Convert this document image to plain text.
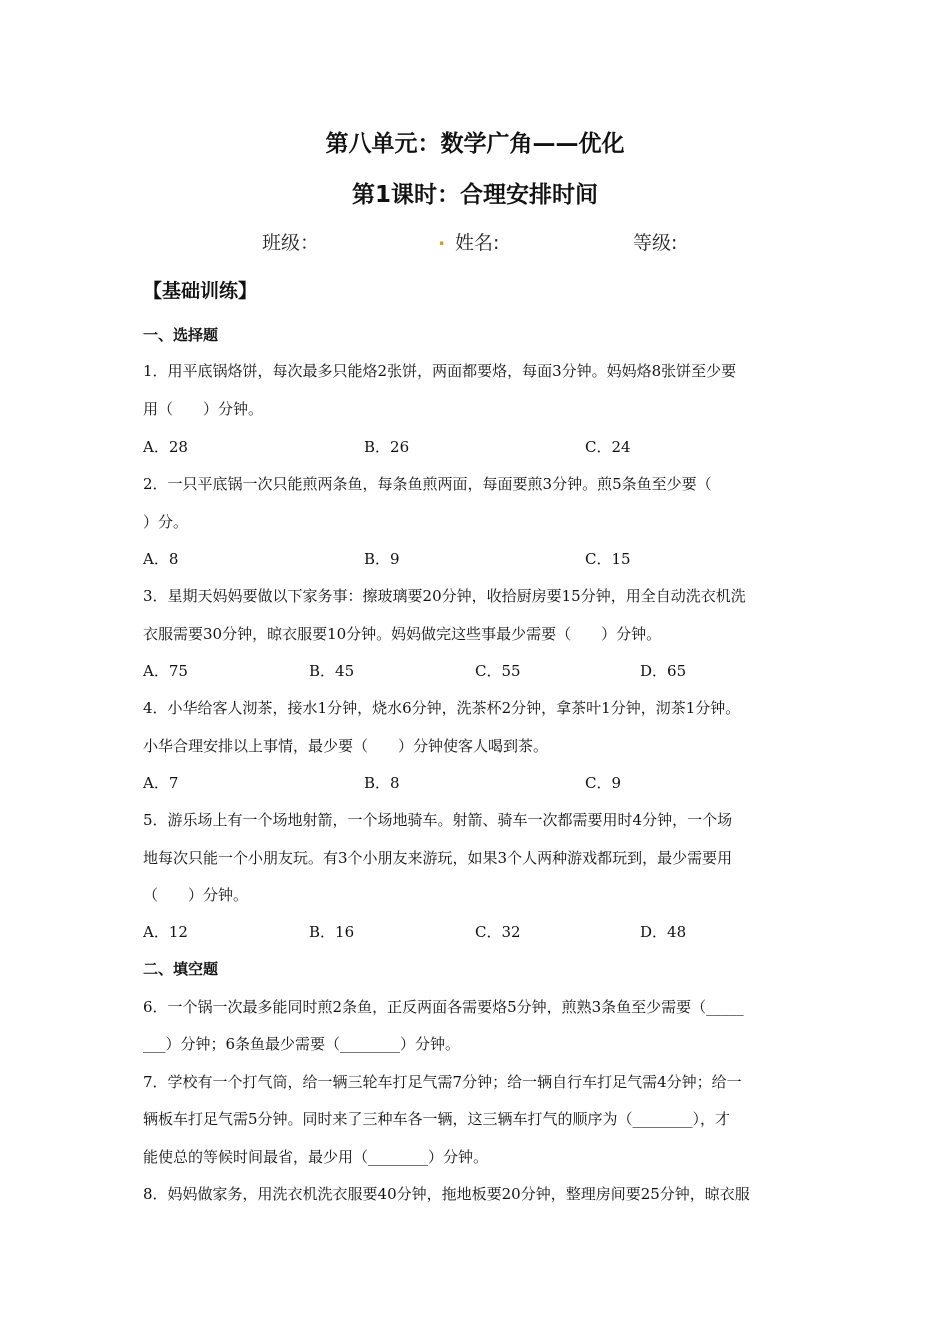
第八单元：数学广角——优化
第1课时：合理安排时间
班级：	. 姓名:	等级:
【基础训练】
一、选择题
1．用平底锅烙饼，每次最多只能烙2张饼，两面都要烙，每面3分钟。妈妈烙8张饼至少要
用（　　）分钟。
A．28	B．26	C．24
2．一只平底锅一次只能煎两条鱼，每条鱼煎两面，每面要煎3分钟。煎5条鱼至少要（
）分。
A．8	B．9	C．15
3．星期天妈妈要做以下家务事：擦玻璃要20分钟，收拾厨房要15分钟，用全自动洗衣机洗
衣服需要30分钟，晾衣服要10分钟。妈妈做完这些事最少需要（　　）分钟。
A．75	B．45	C．55	D．65
4．小华给客人沏茶，接水1分钟，烧水6分钟，洗茶杯2分钟，拿茶叶1分钟，沏茶1分钟。
小华合理安排以上事情，最少要（　　）分钟使客人喝到茶。
A．7	B．8	C．9
5．游乐场上有一个场地射箭，一个场地骑车。射箭、骑车一次都需要用时4分钟，一个场
地每次只能一个小朋友玩。有3个小朋友来游玩，如果3个人两种游戏都玩到，最少需要用
（　　）分钟。
A．12	B．16	C．32	D．48
二、填空题
6．一个锅一次最多能同时煎2条鱼，正反两面各需要烙5分钟，煎熟3条鱼至少需要（_____
___）分钟；6条鱼最少需要（________）分钟。
7．学校有一个打气筒，给一辆三轮车打足气需7分钟；给一辆自行车打足气需4分钟；给一
辆板车打足气需5分钟。同时来了三种车各一辆，这三辆车打气的顺序为（________），才
能使总的等候时间最省，最少用（________）分钟。
8．妈妈做家务，用洗衣机洗衣服要40分钟，拖地板要20分钟，整理房间要25分钟，晾衣服
